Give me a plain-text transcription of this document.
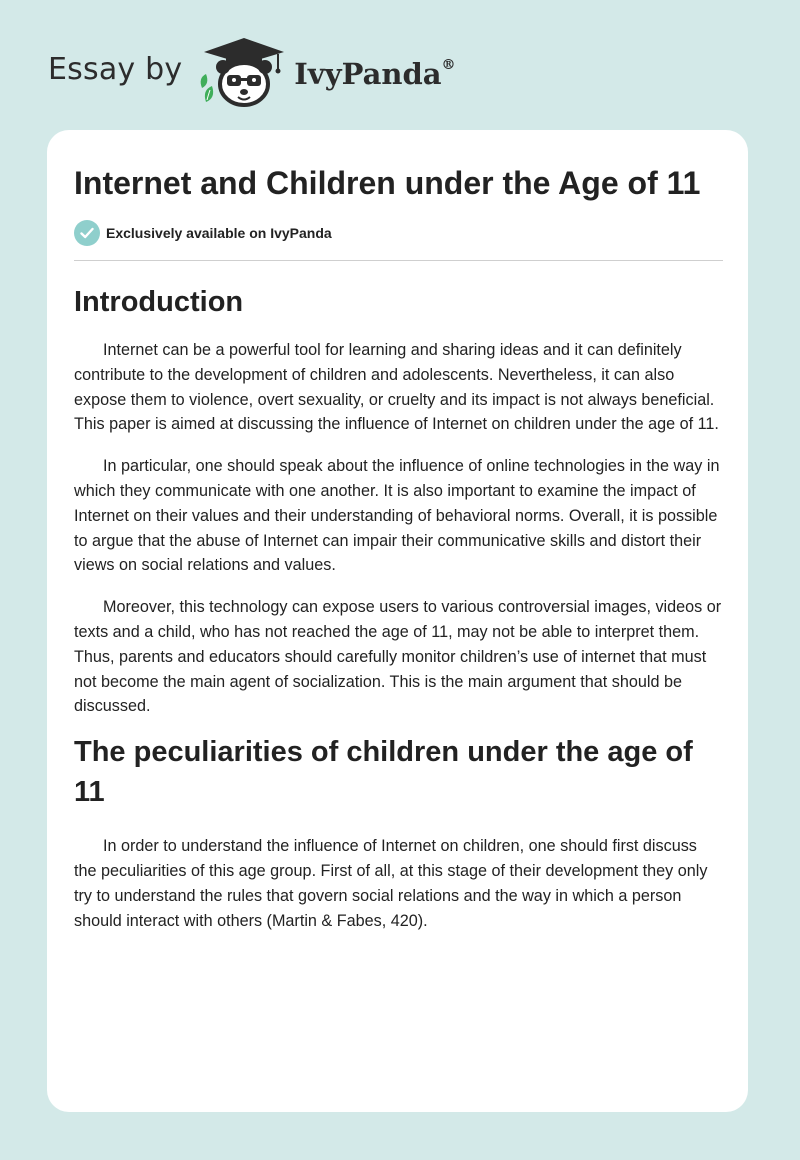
Essay by	IvyPanda®
Internet and Children under the Age of 11
Exclusively available on IvyPanda
Introduction

Internet can be a powerful tool for learning and sharing ideas and it can definitely contribute to the development of children and adolescents. Nevertheless, it can also expose them to violence, overt sexuality, or cruelty and its impact is not always beneficial. This paper is aimed at discussing the influence of Internet on children under the age of 11.

In particular, one should speak about the influence of online technologies in the way in which they communicate with one another. It is also important to examine the impact of Internet on their values and their understanding of behavioral norms. Overall, it is possible to argue that the abuse of Internet can impair their communicative skills and distort their views on social relations and values.

Moreover, this technology can expose users to various controversial images, videos or texts and a child, who has not reached the age of 11, may not be able to interpret them. Thus, parents and educators should carefully monitor children’s use of internet that must not become the main agent of socialization. This is the main argument that should be discussed.

The peculiarities of children under the age of 11

In order to understand the influence of Internet on children, one should first discuss the peculiarities of this age group. First of all, at this stage of their development they only try to understand the rules that govern social relations and the way in which a person should interact with others (Martin & Fabes, 420).
